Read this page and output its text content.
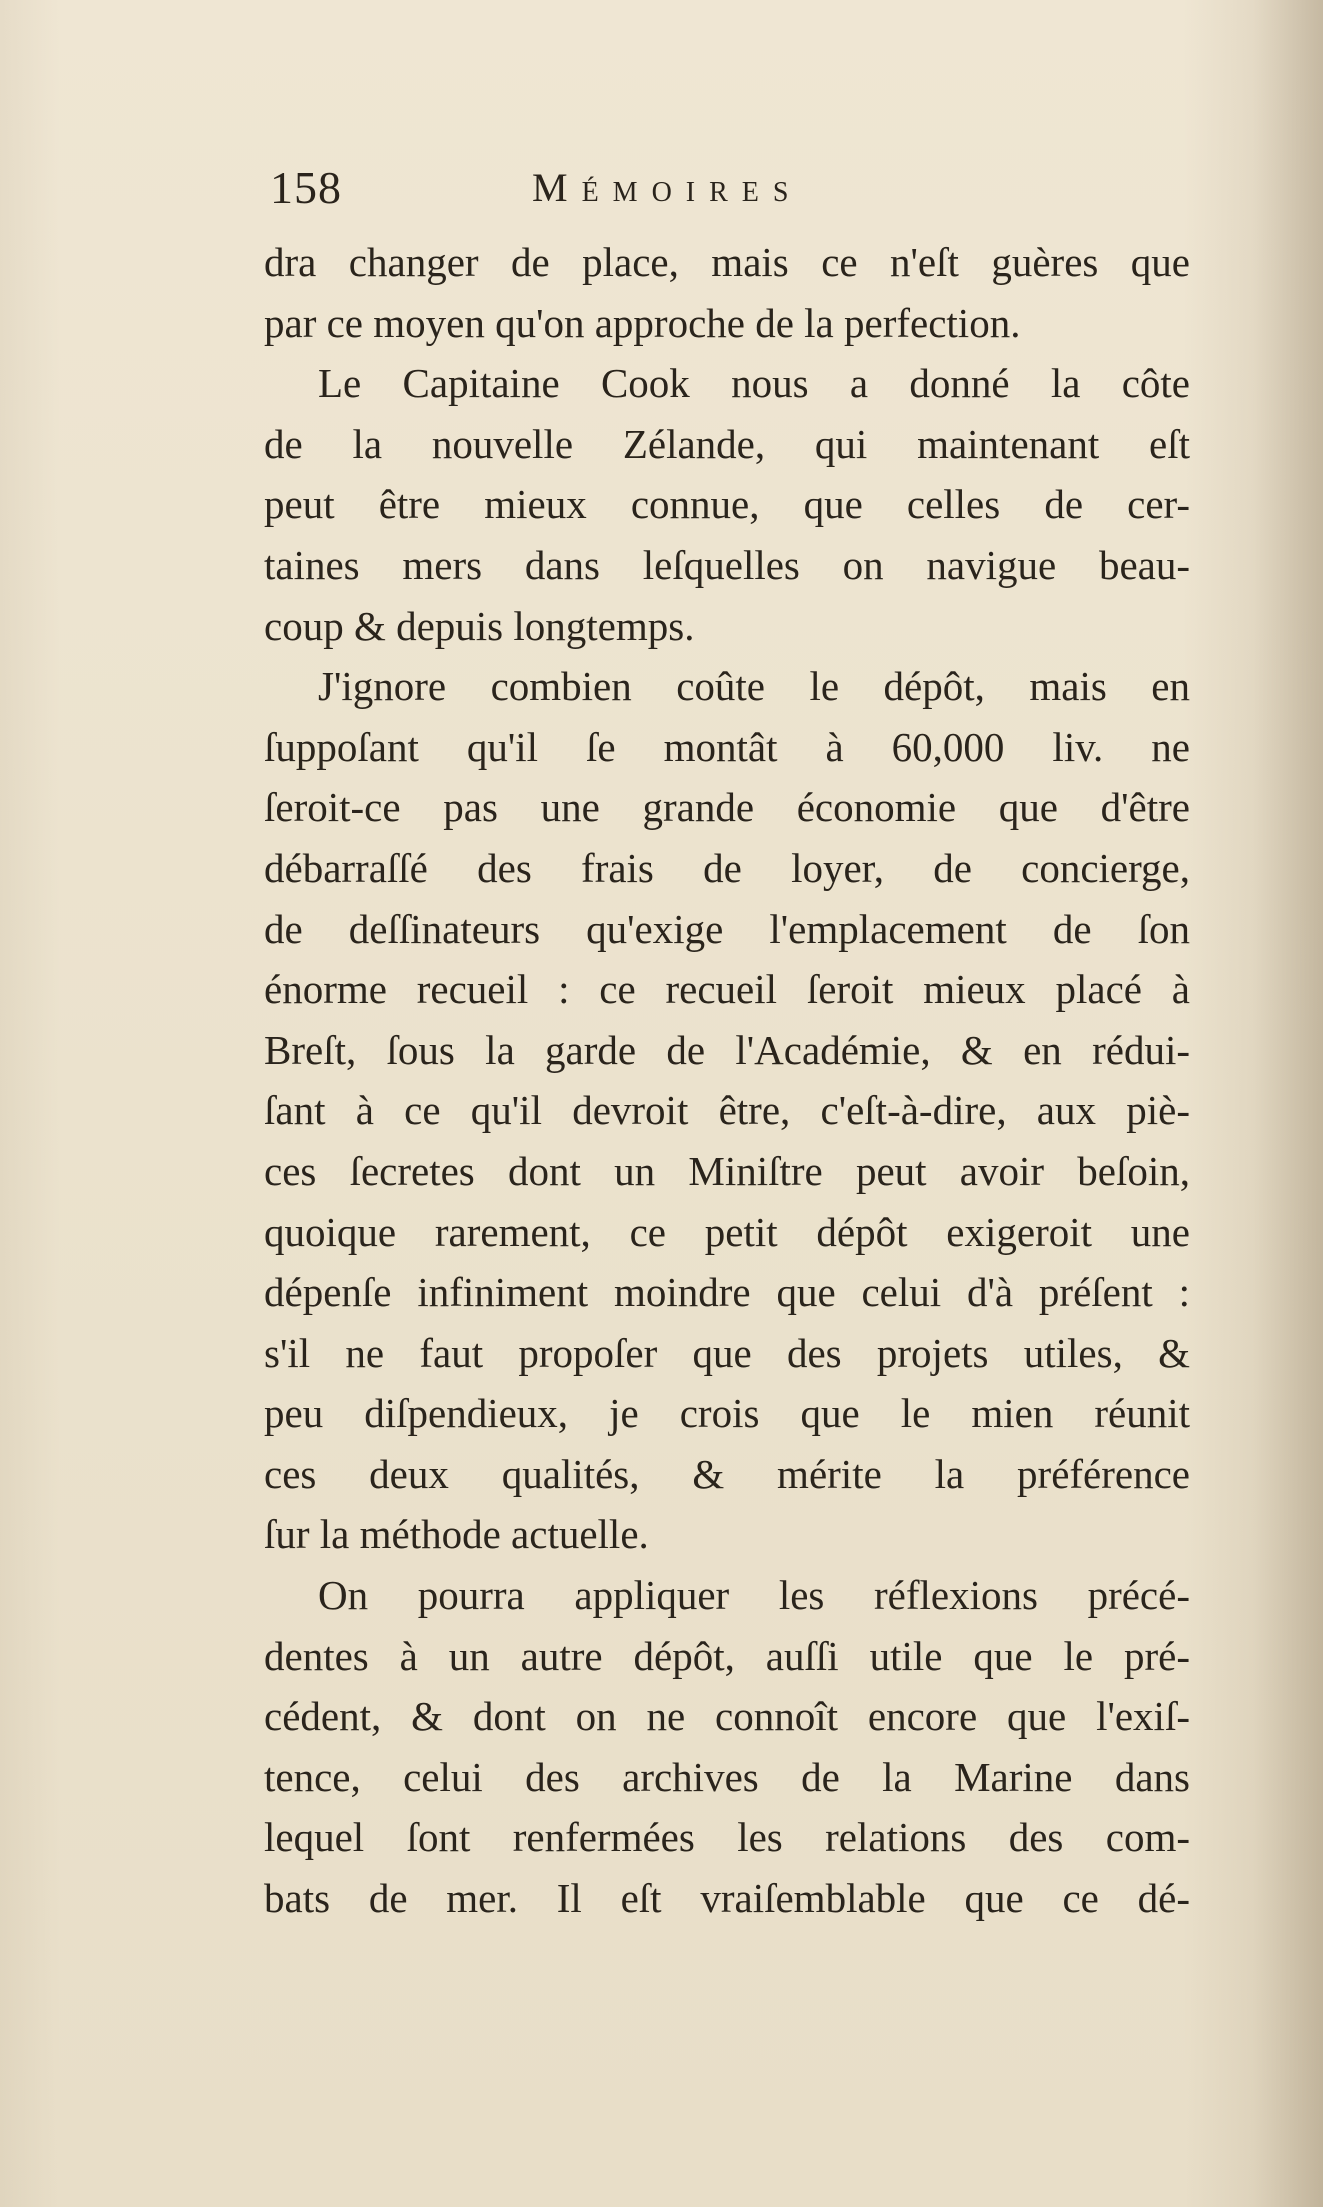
158	Mémoires
dra changer de place, mais ce n'eſt guères que
par ce moyen qu'on approche de la perfection.
Le Capitaine Cook nous a donné la côte
de la nouvelle Zélande, qui maintenant eſt
peut être mieux connue, que celles de cer-
taines mers dans leſquelles on navigue beau-
coup & depuis longtemps.
J'ignore combien coûte le dépôt, mais en
ſuppoſant qu'il ſe montât à 60,000 liv. ne
ſeroit-ce pas une grande économie que d'être
débarraſſé des frais de loyer, de concierge,
de deſſinateurs qu'exige l'emplacement de ſon
énorme recueil : ce recueil ſeroit mieux placé à
Breſt, ſous la garde de l'Académie, & en rédui-
ſant à ce qu'il devroit être, c'eſt-à-dire, aux piè-
ces ſecretes dont un Miniſtre peut avoir beſoin,
quoique rarement, ce petit dépôt exigeroit une
dépenſe infiniment moindre que celui d'à préſent :
s'il ne faut propoſer que des projets utiles, &
peu diſpendieux, je crois que le mien réunit
ces deux qualités, & mérite la préférence
ſur la méthode actuelle.
On pourra appliquer les réflexions précé-
dentes à un autre dépôt, auſſi utile que le pré-
cédent, & dont on ne connoît encore que l'exiſ-
tence, celui des archives de la Marine dans
lequel ſont renfermées les relations des com-
bats de mer. Il eſt vraiſemblable que ce dé-
